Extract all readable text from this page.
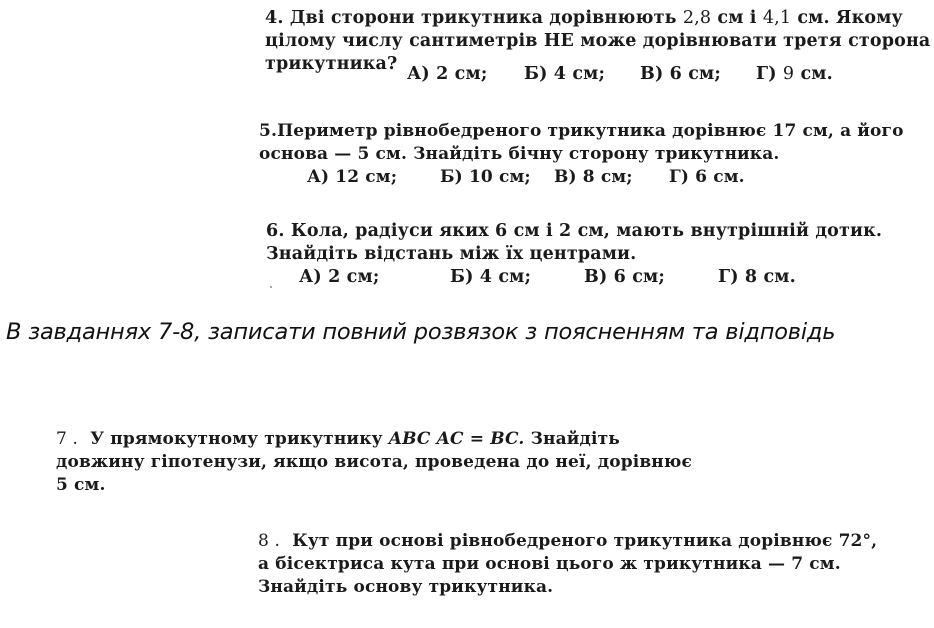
4. Дві сторони трикутника дорівнюють 2,8 см і 4,1 см. Якому
цілому числу сантиметрів НЕ може дорівнювати третя сторона
трикутника? А) 2 см; Б) 4 см; В) 6 см; Г) 9 см.
5.Периметр рівнобедреного трикутника дорівнює 17 см, а його
основа — 5 см. Знайдіть бічну сторону трикутника.
А) 12 см;	Б) 10 см; В) 8 см; Г) 6 см.
6. Кола, радіуси яких 6 см і 2 см, мають внутрішній дотик.
Знайдіть відстань між їх центрами.
А) 2 см;	Б) 4 см;	В) 6 см;	Г) 8 см.
В завданнях 7-8, записати повний розвязок з поясненням та відповідь
7 . У прямокутному трикутнику ABC AC = BC. Знайдіть
довжину гіпотенузи, якщо висота, проведена до неї, дорівнює
5 см.
8 . Кут при основі рівнобедреного трикутника дорівнює 72°,
а бісектриса кута при основі цього ж трикутника — 7 см.
Знайдіть основу трикутника.
